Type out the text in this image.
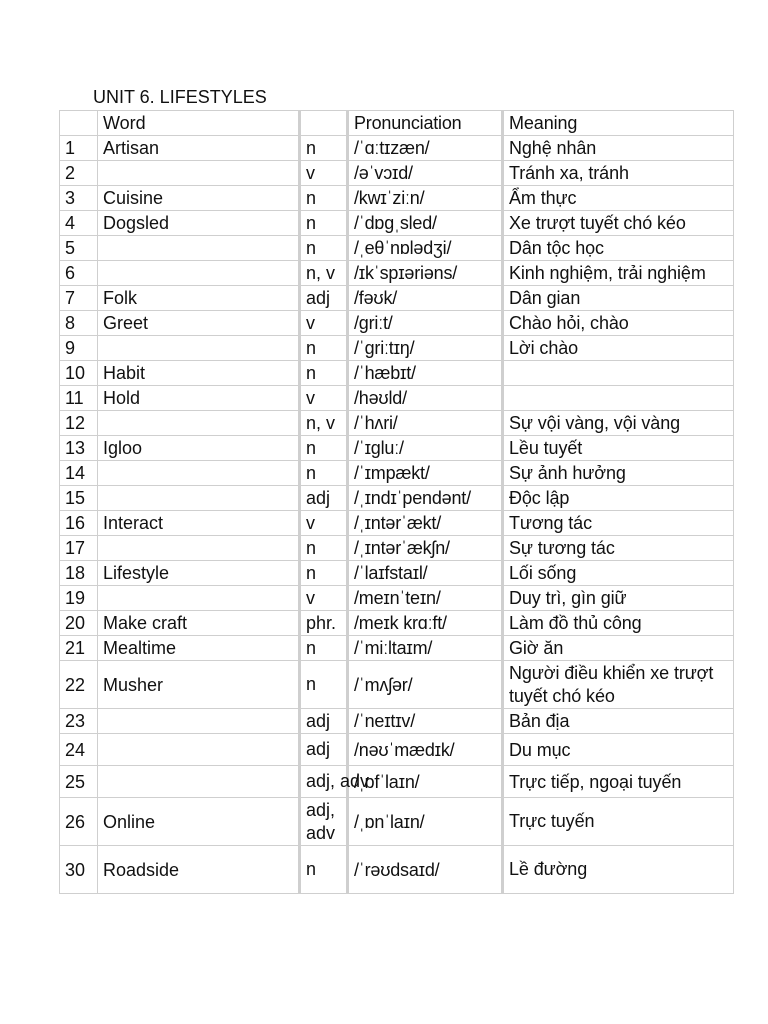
UNIT 6. LIFESTYLES
	Word		Pronunciation	Meaning
1	Artisan	n	/ˈɑːtɪzæn/	Nghệ nhân
2		v	/əˈvɔɪd/	Tránh xa, tránh
3	Cuisine	n	/kwɪˈziːn/	Ẩm thực
4	Dogsled	n	/ˈdɒɡˌsled/	Xe trượt tuyết chó kéo
5		n	/ˌeθˈnɒlədʒi/	Dân tộc học
6		n, v	/ɪkˈspɪəriəns/	Kinh nghiệm, trải nghiệm
7	Folk	adj	/fəʊk/	Dân gian
8	Greet	v	/ɡriːt/	Chào hỏi, chào
9		n	/ˈɡriːtɪŋ/	Lời chào
10	Habit	n	/ˈhæbɪt/	
11	Hold	v	/həʊld/	
12		n, v	/ˈhʌri/	Sự vội vàng, vội vàng
13	Igloo	n	/ˈɪɡluː/	Lều tuyết
14		n	/ˈɪmpækt/	Sự ảnh hưởng
15		adj	/ˌɪndɪˈpendənt/	Độc lập
16	Interact	v	/ˌɪntərˈækt/	Tương tác
17		n	/ˌɪntərˈækʃn/	Sự tương tác
18	Lifestyle	n	/ˈlaɪfstaɪl/	Lối sống
19		v	/meɪnˈteɪn/	Duy trì, gìn giữ
20	Make craft	phr.	/meɪk krɑːft/	Làm đồ thủ công
21	Mealtime	n	/ˈmiːltaɪm/	Giờ ăn
22	Musher	n	/ˈmʌʃər/	Người điều khiển xe trượt tuyết chó kéo
23		adj	/ˈneɪtɪv/	Bản địa
24		adj	/nəʊˈmædɪk/	Du mục
25		adj, adv	/ˌɒfˈlaɪn/	Trực tiếp, ngoại tuyến
26	Online	adj, adv	/ˌɒnˈlaɪn/	Trực tuyến
30	Roadside	n	/ˈrəʊdsaɪd/	Lề đường
